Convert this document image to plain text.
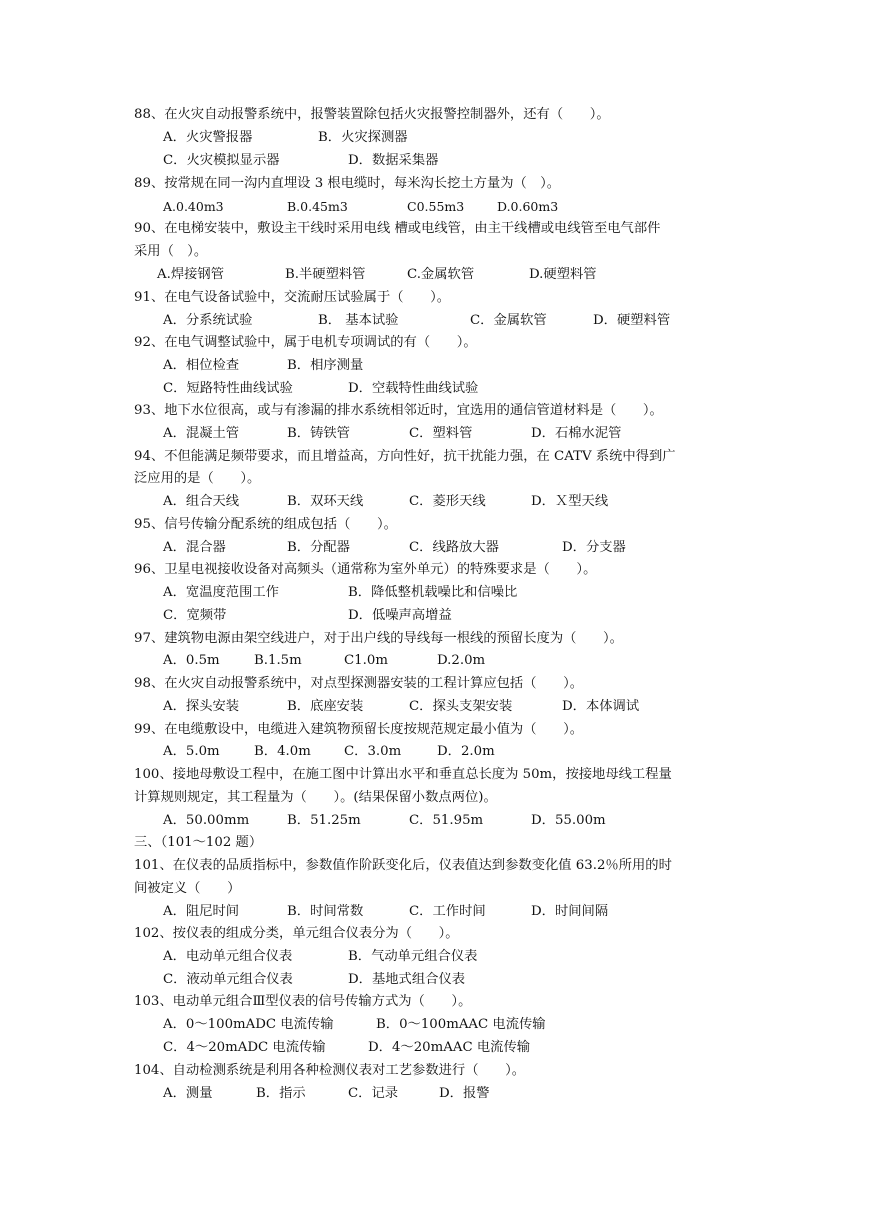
88、在火灾自动报警系统中，报警装置除包括火灾报警控制器外，还有（　　）。
A．火灾警报器	B．火灾探测器
C．火灾模拟显示器	D．数据采集器
89、按常规在同一沟内直埋设 3 根电缆时，每米沟长挖土方量为（　）。
A.0.40m3	B.0.45m3	C0.55m3	D.0.60m3
90、在电梯安装中，敷设主干线时采用电线 槽或电线管，由主干线槽或电线管至电气部件
采用（　）。
A.焊接钢管	B.半硬塑料管	C.金属软管	D.硬塑料管
91、在电气设备试验中，交流耐压试验属于（　　）。
A．分系统试验	B． 基本试验	C．金属软管	D．硬塑料管
92、在电气调整试验中，属于电机专项调试的有（　　）。
A．相位检查	B．相序测量
C．短路特性曲线试验	D．空载特性曲线试验
93、地下水位很高，或与有渗漏的排水系统相邻近时，宜选用的通信管道材料是（　　）。
A．混凝土管	B．铸铁管	C．塑料管	D．石棉水泥管
94、不但能满足频带要求，而且增益高，方向性好，抗干扰能力强，在 CATV 系统中得到广
泛应用的是（　　）。
A．组合天线	B．双环天线	C．菱形天线	D．Ｘ型天线
95、信号传输分配系统的组成包括（　　）。
A．混合器	B．分配器	C．线路放大器	D．分支器
96、卫星电视接收设备对高频头（通常称为室外单元）的特殊要求是（　　）。
A．宽温度范围工作	B．降低整机载噪比和信噪比
C．宽频带	D．低噪声高增益
97、建筑物电源由架空线进户，对于出户线的导线每一根线的预留长度为（　　）。
A．0.5m	B.1.5m	C1.0m	D.2.0m
98、在火灾自动报警系统中，对点型探测器安装的工程计算应包括（　　）。
A．探头安装	B．底座安装	C．探头支架安装	D．本体调试
99、在电缆敷设中，电缆进入建筑物预留长度按规范规定最小值为（　　）。
A．5.0m	B．4.0m C．3.0m	D．2.0m
100、接地母敷设工程中，在施工图中计算出水平和垂直总长度为 50m，按接地母线工程量
计算规则规定，其工程量为（　　）。(结果保留小数点两位)。
A．50.00mm	B．51.25m	C．51.95m	D．55.00m
三、（101～102 题）
101、在仪表的品质指标中，参数值作阶跃变化后，仪表值达到参数变化值 63.2％所用的时
间被定义（　　）
A．阻尼时间	B．时间常数	C．工作时间	D．时间间隔
102、按仪表的组成分类，单元组合仪表分为（　　）。
A．电动单元组合仪表	B．气动单元组合仪表
C．液动单元组合仪表	D．基地式组合仪表
103、电动单元组合Ⅲ型仪表的信号传输方式为（　　）。
A．0～100mADC 电流传输	B．0～100mAAC 电流传输
C．4～20mADC 电流传输	D．4～20mAAC 电流传输
104、自动检测系统是利用各种检测仪表对工艺参数进行（　　）。
A．测量	B．指示	C．记录	D．报警
